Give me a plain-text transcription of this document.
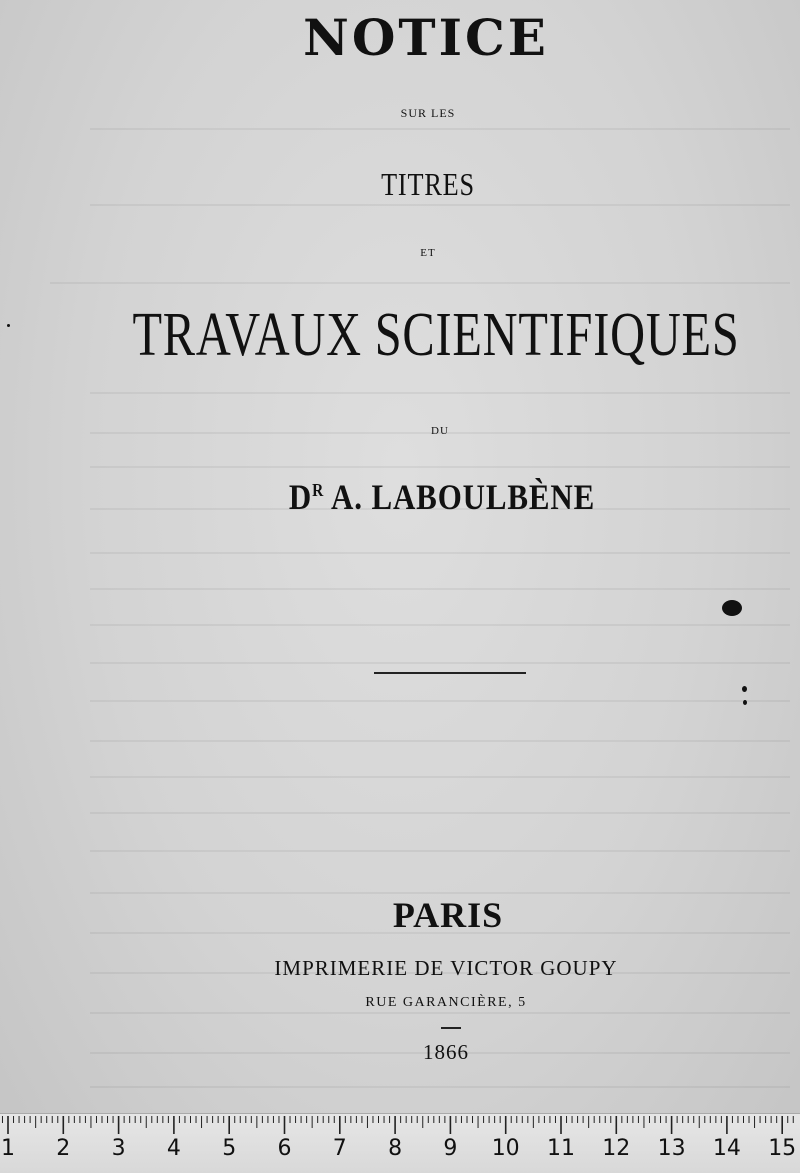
NOTICE
SUR LES
TITRES
ET
TRAVAUX SCIENTIFIQUES
DU
$D^R$ A. LABOULBÈNE
PARIS
IMPRIMERIE DE VICTOR GOUPY
RUE GARANCIÈRE, 5
1866
1 2 3 4 5 6 7 8 9 10 11 12 13 14 15
